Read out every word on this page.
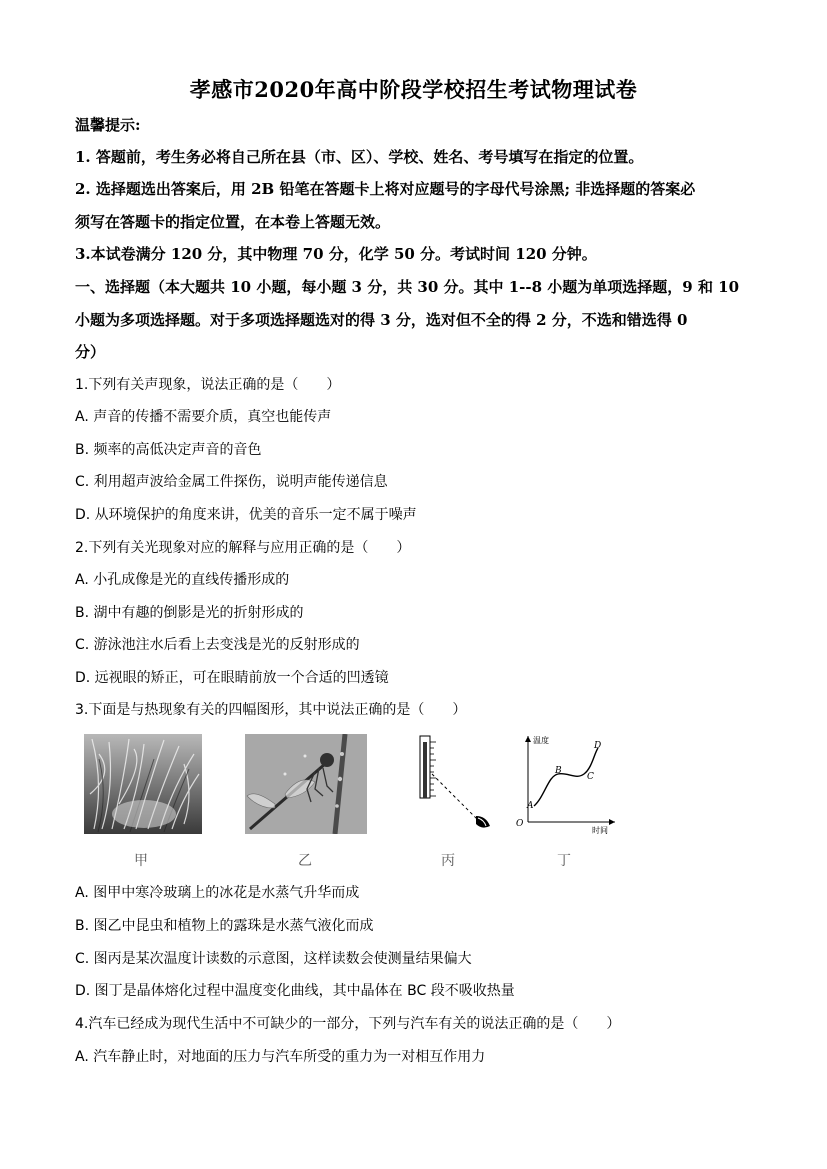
孝感市2020年高中阶段学校招生考试物理试卷
温馨提示:
1. 答题前，考生务必将自己所在县（市、区）、学校、姓名、考号填写在指定的位置。
2. 选择题选出答案后，用 2B 铅笔在答题卡上将对应题号的字母代号涂黑; 非选择题的答案必
须写在答题卡的指定位置，在本卷上答题无效。
3.本试卷满分 120 分，其中物理 70 分，化学 50 分。考试时间 120 分钟。
一、选择题（本大题共 10 小题，每小题 3 分，共 30 分。其中 1--8 小题为单项选择题，9 和 10
小题为多项选择题。对于多项选择题选对的得 3 分，选对但不全的得 2 分，不选和错选得 0
分）
1.下列有关声现象，说法正确的是（　　）
A. 声音的传播不需要介质，真空也能传声
B. 频率的高低决定声音的音色
C. 利用超声波给金属工件探伤，说明声能传递信息
D. 从环境保护的角度来讲，优美的音乐一定不属于噪声
2.下列有关光现象对应的解释与应用正确的是（　　）
A. 小孔成像是光的直线传播形成的
B. 湖中有趣的倒影是光的折射形成的
C. 游泳池注水后看上去变浅是光的反射形成的
D. 远视眼的矫正，可在眼睛前放一个合适的凹透镜
3.下面是与热现象有关的四幅图形，其中说法正确的是（　　）
温度
时间
O
A
B
C
D
甲	乙	丙	丁
A. 图甲中寒冷玻璃上的冰花是水蒸气升华而成
B. 图乙中昆虫和植物上的露珠是水蒸气液化而成
C. 图丙是某次温度计读数的示意图，这样读数会使测量结果偏大
D. 图丁是晶体熔化过程中温度变化曲线，其中晶体在 BC 段不吸收热量
4.汽车已经成为现代生活中不可缺少的一部分，下列与汽车有关的说法正确的是（　　）
A. 汽车静止时，对地面的压力与汽车所受的重力为一对相互作用力
